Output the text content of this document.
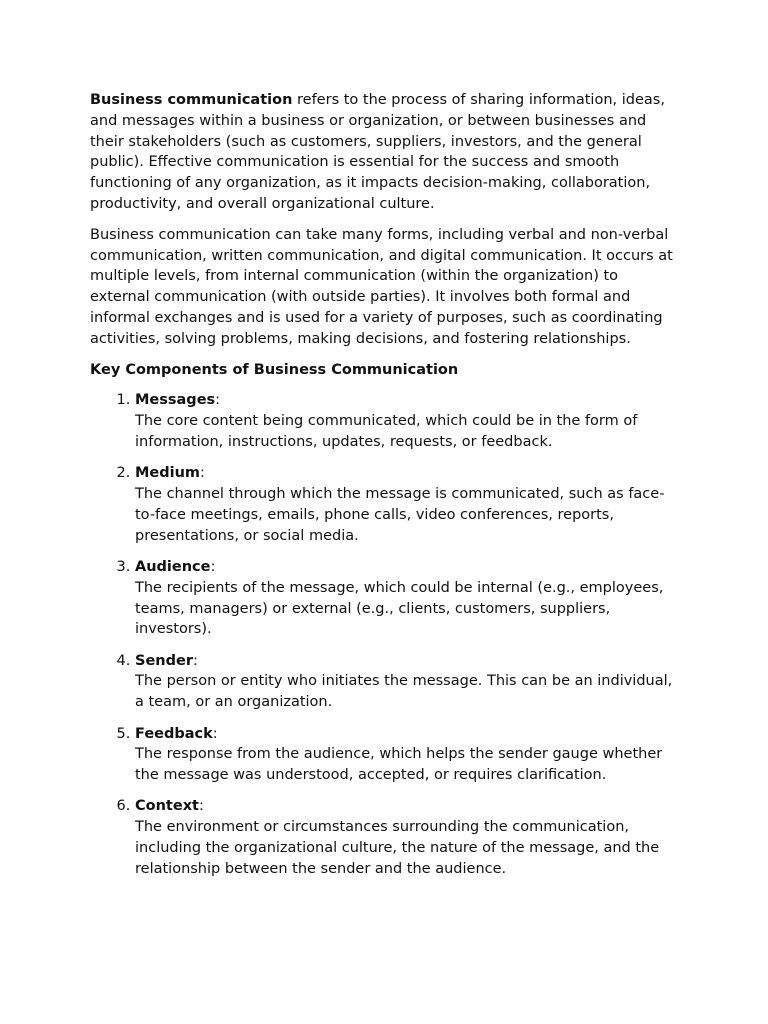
Business communication refers to the process of sharing information, ideas, and messages within a business or organization, or between businesses and their stakeholders (such as customers, suppliers, investors, and the general public). Effective communication is essential for the success and smooth functioning of any organization, as it impacts decision-making, collaboration, productivity, and overall organizational culture.

Business communication can take many forms, including verbal and non-verbal communication, written communication, and digital communication. It occurs at multiple levels, from internal communication (within the organization) to external communication (with outside parties). It involves both formal and informal exchanges and is used for a variety of purposes, such as coordinating activities, solving problems, making decisions, and fostering relationships.

Key Components of Business Communication
1. Messages:
The core content being communicated, which could be in the form of information, instructions, updates, requests, or feedback.
2. Medium:
The channel through which the message is communicated, such as face-to-face meetings, emails, phone calls, video conferences, reports, presentations, or social media.
3. Audience:
The recipients of the message, which could be internal (e.g., employees, teams, managers) or external (e.g., clients, customers, suppliers, investors).
4. Sender:
The person or entity who initiates the message. This can be an individual, a team, or an organization.
5. Feedback:
The response from the audience, which helps the sender gauge whether the message was understood, accepted, or requires clarification.
6. Context:
The environment or circumstances surrounding the communication, including the organizational culture, the nature of the message, and the relationship between the sender and the audience.
